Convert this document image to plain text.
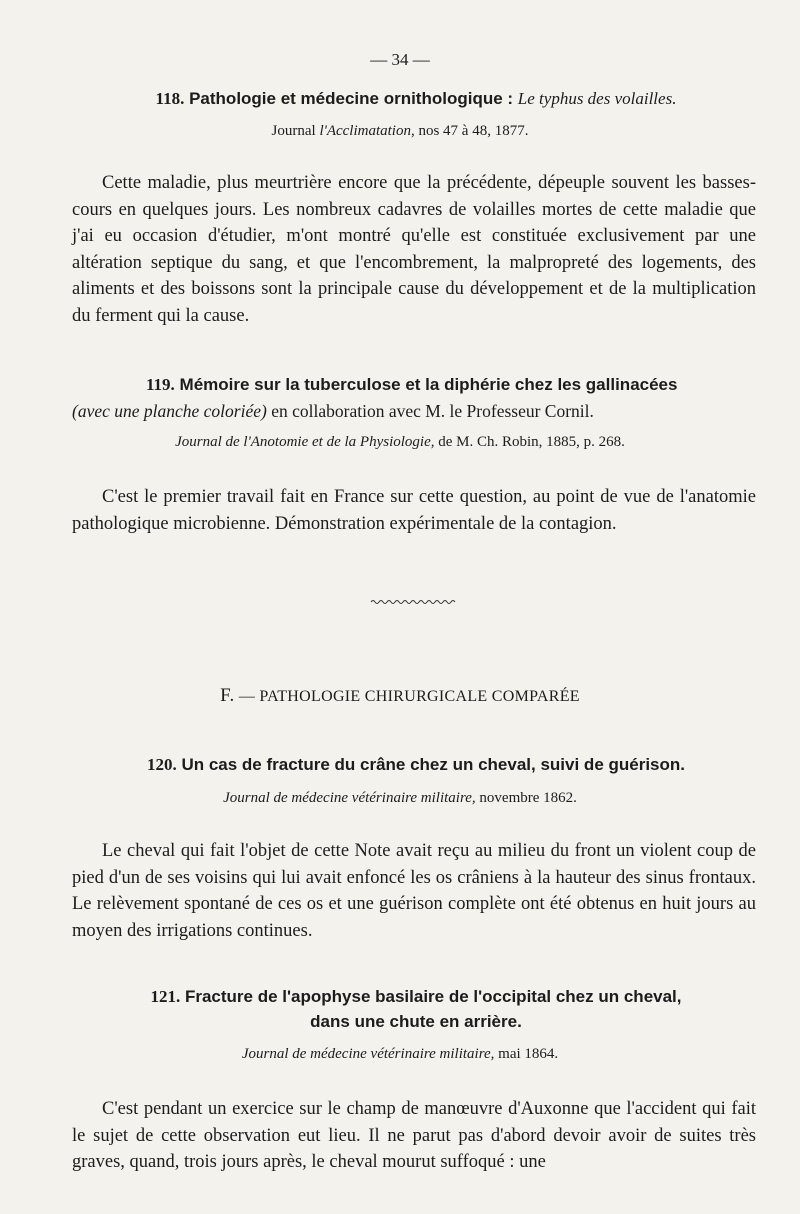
— 34 —
118. Pathologie et médecine ornithologique : Le typhus des volailles.
Journal l'Acclimatation, nos 47 à 48, 1877.

Cette maladie, plus meurtrière encore que la précédente, dépeuple souvent les basses-cours en quelques jours. Les nombreux cadavres de volailles mortes de cette maladie que j'ai eu occasion d'étudier, m'ont montré qu'elle est constituée exclusivement par une altération septique du sang, et que l'encombrement, la malpropreté des logements, des aliments et des boissons sont la principale cause du développement et de la multiplication du ferment qui la cause.

119. Mémoire sur la tuberculose et la diphérie chez les gallinacées
(avec une planche coloriée) en collaboration avec M. le Professeur Cornil.
Journal de l'Anotomie et de la Physiologie, de M. Ch. Robin, 1885, p. 268.

C'est le premier travail fait en France sur cette question, au point de vue de l'anatomie pathologique microbienne. Démonstration expérimentale de la contagion.

F. — PATHOLOGIE CHIRURGICALE COMPARÉE
120. Un cas de fracture du crâne chez un cheval, suivi de guérison.
Journal de médecine vétérinaire militaire, novembre 1862.

Le cheval qui fait l'objet de cette Note avait reçu au milieu du front un violent coup de pied d'un de ses voisins qui lui avait enfoncé les os crâniens à la hauteur des sinus frontaux. Le relèvement spontané de ces os et une guérison complète ont été obtenus en huit jours au moyen des irrigations continues.

121. Fracture de l'apophyse basilaire de l'occipital chez un cheval,
dans une chute en arrière.
Journal de médecine vétérinaire militaire, mai 1864.

C'est pendant un exercice sur le champ de manœuvre d'Auxonne que l'accident qui fait le sujet de cette observation eut lieu. Il ne parut pas d'abord devoir avoir de suites très graves, quand, trois jours après, le cheval mourut suffoqué : une
